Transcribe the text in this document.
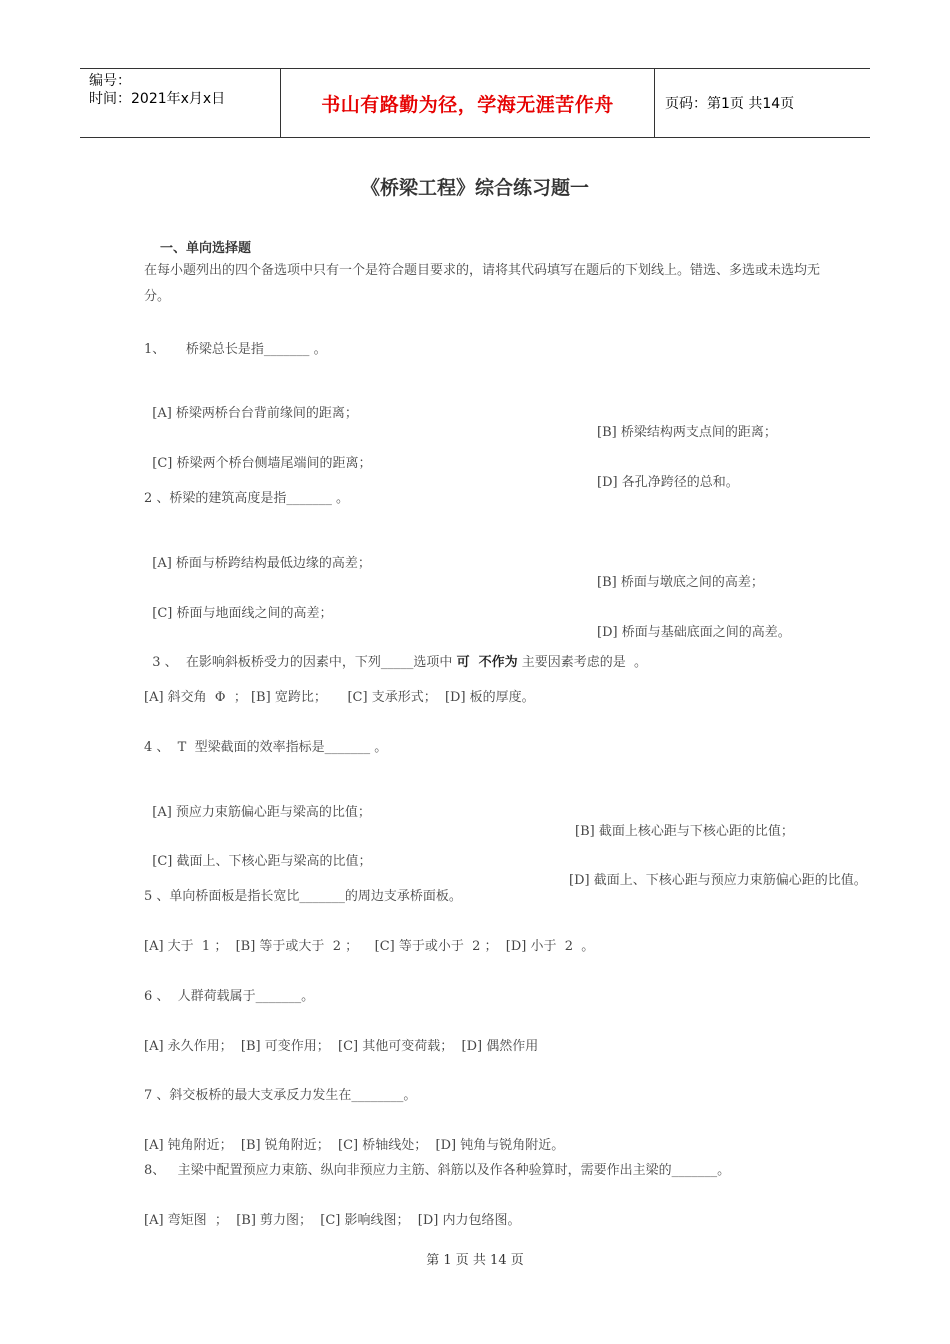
编号：
时间：2021年x月x日	书山有路勤为径，学海无涯苦作舟	页码：第1页 共14页
《桥梁工程》综合练习题一
一、单向选择题
在每小题列出的四个备选项中只有一个是符合题目要求的，请将其代码填写在题后的下划线上。错选、多选或未选均无分。
1、     桥梁总长是指_______ 。

[A] 桥梁两桥台台背前缘间的距离；

[B] 桥梁结构两支点间的距离；

[C] 桥梁两个桥台侧墙尾端间的距离；

[D] 各孔净跨径的总和。

2 、桥梁的建筑高度是指_______ 。

[A] 桥面与桥跨结构最低边缘的高差；

[B] 桥面与墩底之间的高差；

[C] 桥面与地面线之间的高差；

[D] 桥面与基础底面之间的高差。

3 、  在影响斜板桥受力的因素中，下列_____选项中 可  不作为 主要因素考虑的是  。

[A] 斜交角  Φ  ； [B] 宽跨比；     [C] 支承形式；  [D] 板的厚度。
4 、  T  型梁截面的效率指标是_______ 。

[A] 预应力束筋偏心距与梁高的比值；

[B] 截面上核心距与下核心距的比值；

[C] 截面上、下核心距与梁高的比值；

[D] 截面上、下核心距与预应力束筋偏心距的比值。

5 、单向桥面板是指长宽比_______的周边支承桥面板。
[A] 大于  1 ；  [B] 等于或大于  2 ；    [C] 等于或小于  2 ；  [D] 小于  2  。
6 、  人群荷载属于_______。
[A] 永久作用；  [B] 可变作用；  [C] 其他可变荷载；  [D] 偶然作用
7 、斜交板桥的最大支承反力发生在________。
[A] 钝角附近；  [B] 锐角附近；  [C] 桥轴线处；  [D] 钝角与锐角附近。
8、   主梁中配置预应力束筋、纵向非预应力主筋、斜筋以及作各种验算时，需要作出主梁的_______。
[A] 弯矩图  ；  [B] 剪力图；  [C] 影响线图；  [D] 内力包络图。
第 1 页 共 14 页
